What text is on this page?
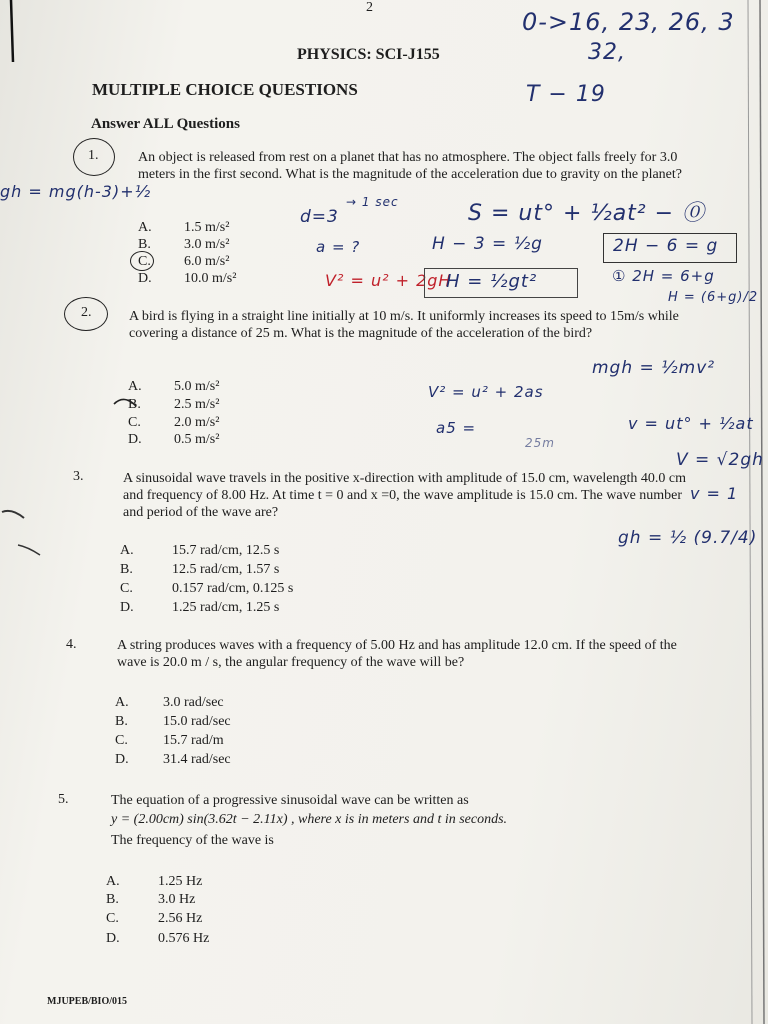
2
PHYSICS: SCI-J155
MULTIPLE CHOICE QUESTIONS
Answer ALL Questions
1.	An object is released from rest on a planet that has no atmosphere. The object falls freely for 3.0 meters in the first second. What is the magnitude of the acceleration due to gravity on the planet?
A. 1.5 m/s²
B. 3.0 m/s²
C. 6.0 m/s²
D. 10.0 m/s²
2.	A bird is flying in a straight line initially at 10 m/s. It uniformly increases its speed to 15m/s while covering a distance of 25 m. What is the magnitude of the acceleration of the bird?
A. 5.0 m/s²
B. 2.5 m/s²
C. 2.0 m/s²
D. 0.5 m/s²
3.	A sinusoidal wave travels in the positive x-direction with amplitude of 15.0 cm, wavelength 40.0 cm and frequency of 8.00 Hz. At time t = 0 and x =0, the wave amplitude is 15.0 cm. The wave number and period of the wave are?
A.	15.7 rad/cm, 12.5 s
B.	12.5 rad/cm, 1.57 s
C.	0.157 rad/cm, 0.125 s
D.	1.25 rad/cm, 1.25 s
4.	A string produces waves with a frequency of 5.00 Hz and has amplitude 12.0 cm. If the speed of the wave is 20.0 m / s, the angular frequency of the wave will be?
A. 3.0 rad/sec
B.	15.0 rad/sec
C.	15.7 rad/m
D. 31.4 rad/sec
5.	The equation of a progressive sinusoidal wave can be written as
y = (2.00cm) sin(3.62t − 2.11x) , where x is in meters and t in seconds.
The frequency of the wave is
A.	1.25 Hz
B.	3.0 Hz
C.	2.56 Hz
D.	0.576 Hz
0->16, 23, 26, 3
32,
T − 19
gh = mg(h-3)+½
d=3
→ 1 sec
a = ?
S = ut° + ½at² − ⓪
H − 3 = ½g	2H − 6 = g
V² = u² + 2gH
H = ½gt²	① 2H = 6+g
H = (6+g)/2
V² = u² + 2as
mgh = ½mv²
a5 =
25m
v = ut° + ½at
V = √2gh
v = 1
gh = ½ (9.7/4)
MJUPEB/BIO/015
